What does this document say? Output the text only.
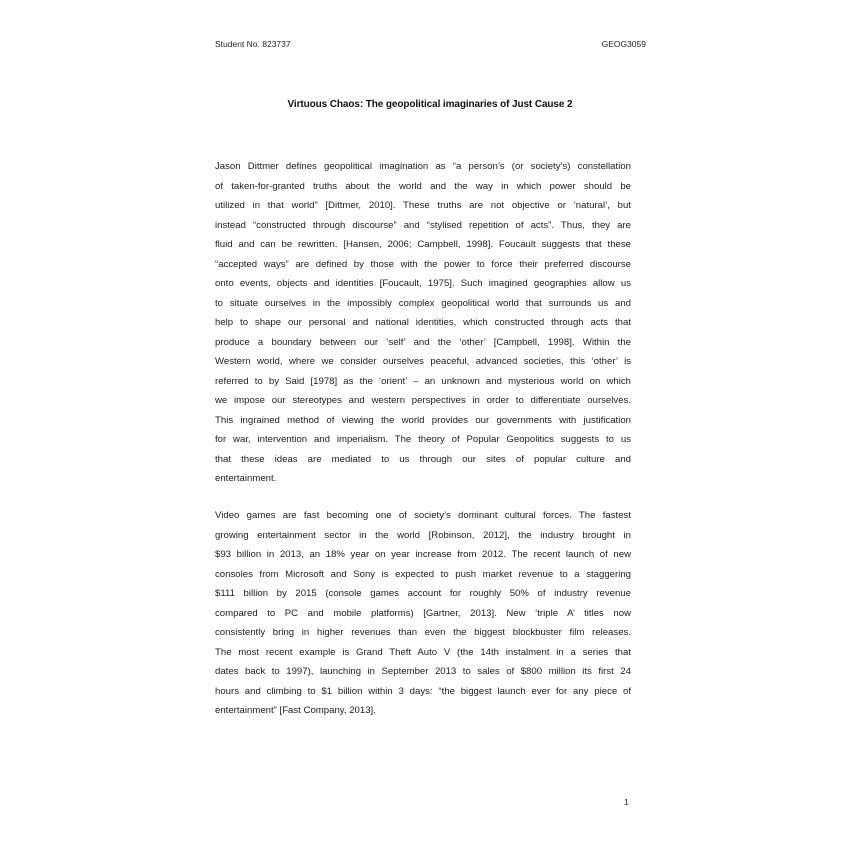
Student No. 823737	GEOG3059
Virtuous Chaos: The geopolitical imaginaries of Just Cause 2
Jason Dittmer defines geopolitical imagination as “a person’s (or society’s) constellation
of taken-for-granted truths about the world and the way in which power should be
utilized in that world” [Dittmer, 2010]. These truths are not objective or ‘natural’, but
instead “constructed through discourse” and “stylised repetition of acts”. Thus, they are
fluid and can be rewritten. [Hansen, 2006; Campbell, 1998]. Foucault suggests that these
“accepted ways” are defined by those with the power to force their preferred discourse
onto events, objects and identities [Foucault, 1975]. Such imagined geographies allow us
to situate ourselves in the impossibly complex geopolitical world that surrounds us and
help to shape our personal and national identities, which constructed through acts that
produce a boundary between our ‘self’ and the ‘other’ [Campbell, 1998]. Within the
Western world, where we consider ourselves peaceful, advanced societies, this ‘other’ is
referred to by Said [1978] as the ‘orient’ – an unknown and mysterious world on which
we impose our stereotypes and western perspectives in order to differentiate ourselves.
This ingrained method of viewing the world provides our governments with justification
for war, intervention and imperialism. The theory of Popular Geopolitics suggests to us
that these ideas are mediated to us through our sites of popular culture and
entertainment.
Video games are fast becoming one of society’s dominant cultural forces. The fastest
growing entertainment sector in the world [Robinson, 2012], the industry brought in
$93 billion in 2013, an 18% year on year increase from 2012. The recent launch of new
consoles from Microsoft and Sony is expected to push market revenue to a staggering
$111 billion by 2015 (console games account for roughly 50% of industry revenue
compared to PC and mobile platforms) [Gartner, 2013]. New ‘triple A’ titles now
consistently bring in higher revenues than even the biggest blockbuster film releases.
The most recent example is Grand Theft Auto V (the 14th instalment in a series that
dates back to 1997), launching in September 2013 to sales of $800 million its first 24
hours and climbing to $1 billion within 3 days: “the biggest launch ever for any piece of
entertainment” [Fast Company, 2013].
1
